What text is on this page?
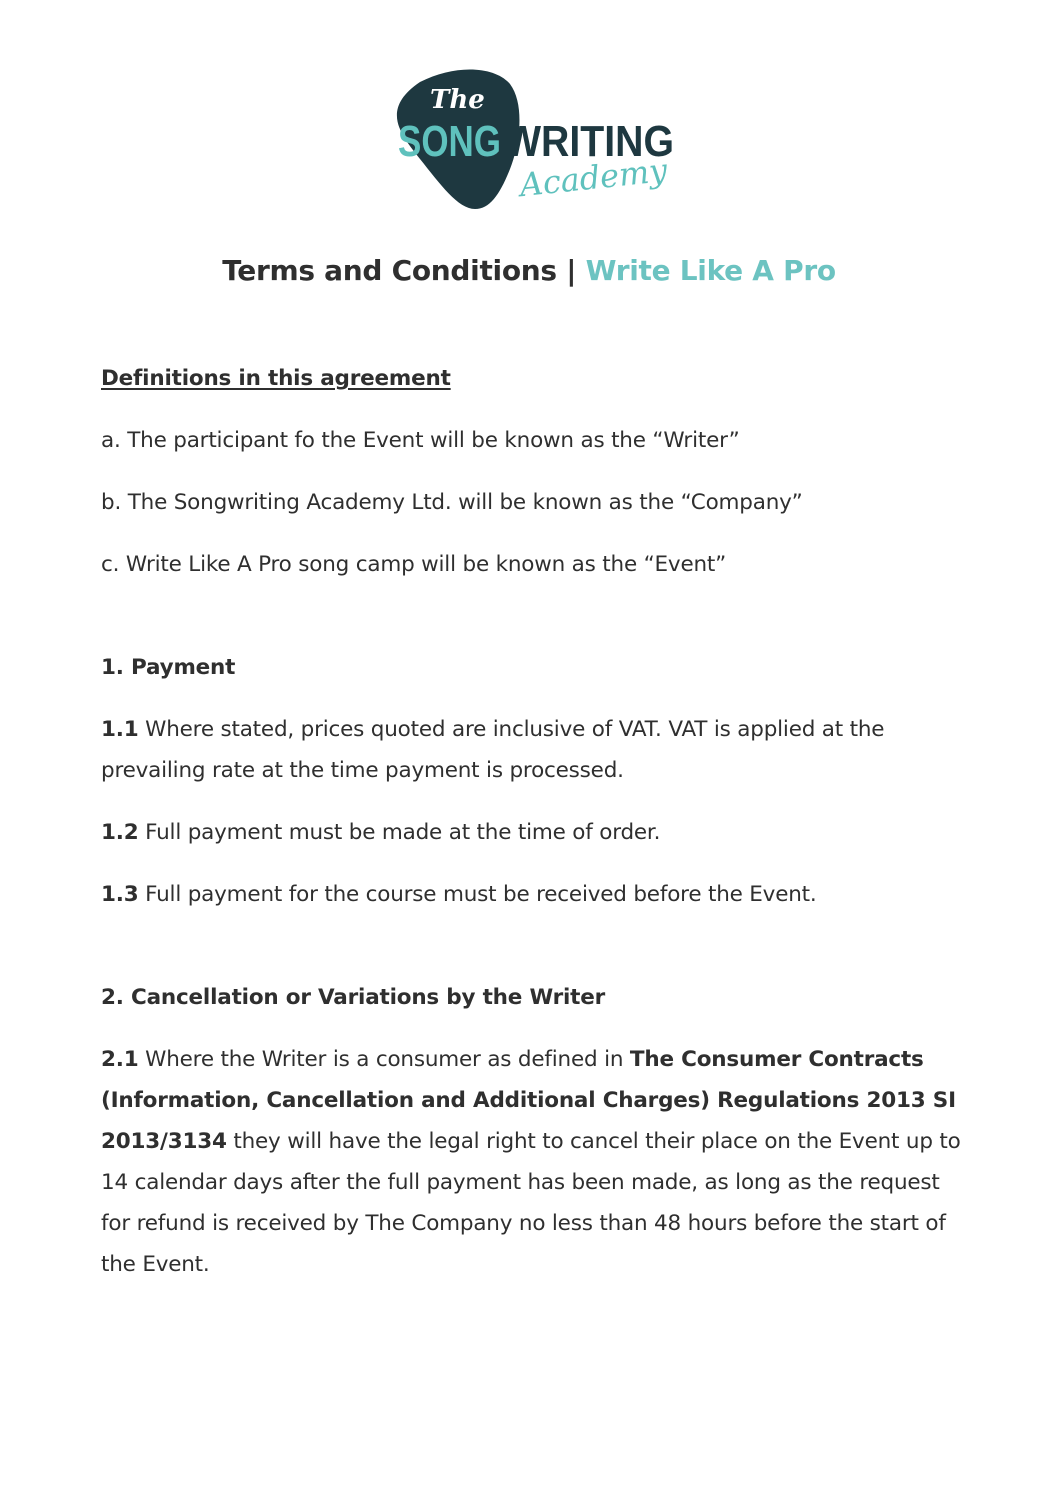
The
SONG WRITING
Academy
Terms and Conditions | Write Like A Pro

Definitions in this agreement

a. The participant fo the Event will be known as the “Writer”

b. The Songwriting Academy Ltd. will be known as the “Company”

c. Write Like A Pro song camp will be known as the “Event”

1. Payment

1.1 Where stated, prices quoted are inclusive of VAT. VAT is applied at the prevailing rate at the time payment is processed.

1.2 Full payment must be made at the time of order.

1.3 Full payment for the course must be received before the Event.

2. Cancellation or Variations by the Writer

2.1 Where the Writer is a consumer as defined in The Consumer Contracts (Information, Cancellation and Additional Charges) Regulations 2013 SI 2013/3134 they will have the legal right to cancel their place on the Event up to 14 calendar days after the full payment has been made, as long as the request for refund is received by The Company no less than 48 hours before the start of the Event.
